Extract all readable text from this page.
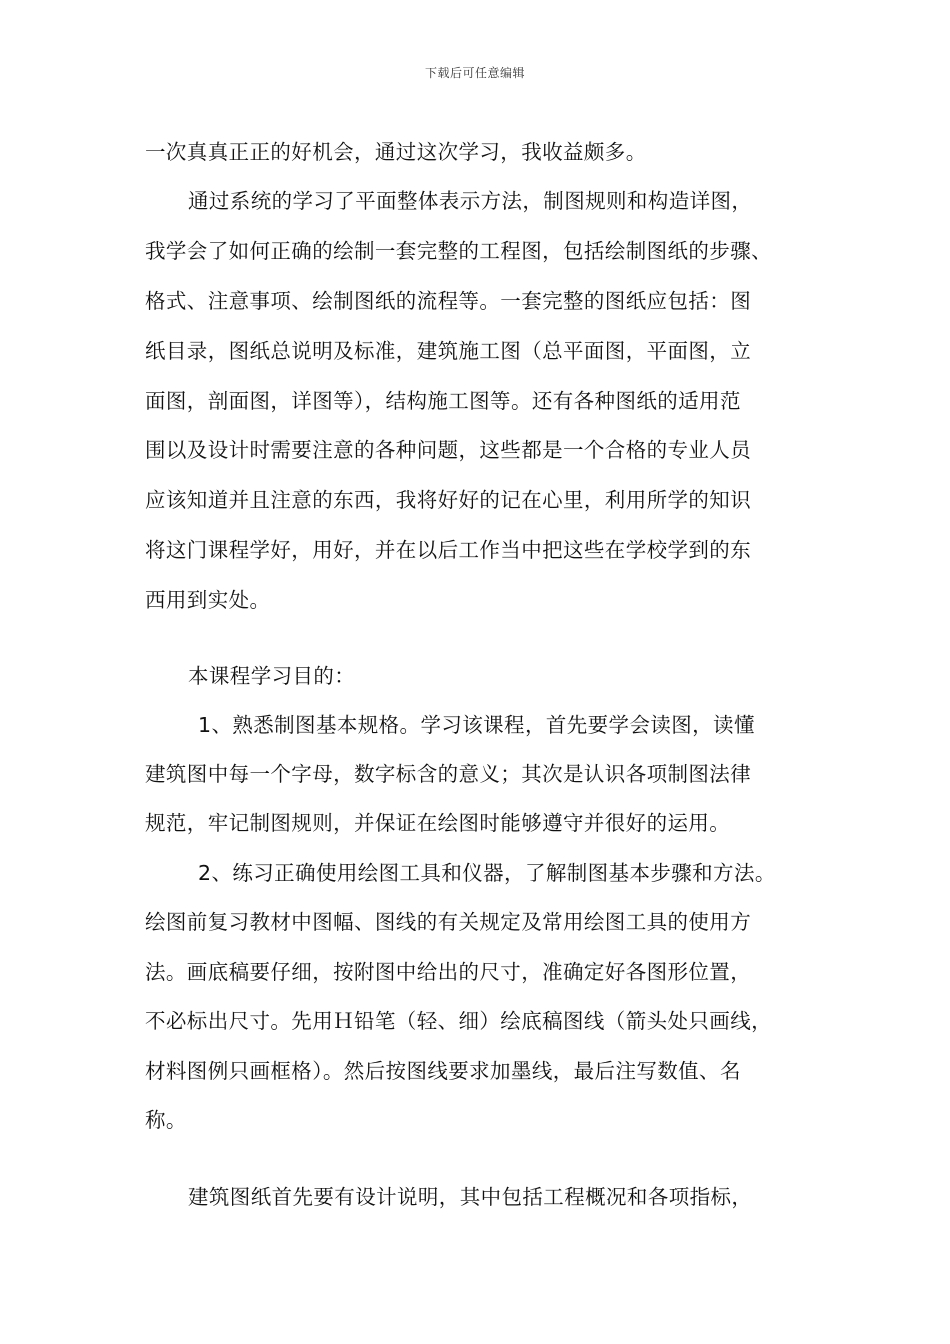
下载后可任意编辑
一次真真正正的好机会，通过这次学习，我收益颇多。
通过系统的学习了平面整体表示方法，制图规则和构造详图，
我学会了如何正确的绘制一套完整的工程图，包括绘制图纸的步骤、
格式、注意事项、绘制图纸的流程等。一套完整的图纸应包括：图
纸目录，图纸总说明及标准，建筑施工图（总平面图，平面图，立
面图，剖面图，详图等），结构施工图等。还有各种图纸的适用范
围以及设计时需要注意的各种问题，这些都是一个合格的专业人员
应该知道并且注意的东西，我将好好的记在心里，利用所学的知识
将这门课程学好，用好，并在以后工作当中把这些在学校学到的东
西用到实处。
本课程学习目的：
1、熟悉制图基本规格。学习该课程，首先要学会读图，读懂
建筑图中每一个字母，数字标含的意义；其次是认识各项制图法律
规范，牢记制图规则，并保证在绘图时能够遵守并很好的运用。
2、练习正确使用绘图工具和仪器，了解制图基本步骤和方法。
绘图前复习教材中图幅、图线的有关规定及常用绘图工具的使用方
法。画底稿要仔细，按附图中给出的尺寸，准确定好各图形位置，
不必标出尺寸。先用Ｈ铅笔（轻、细）绘底稿图线（箭头处只画线，
材料图例只画框格）。然后按图线要求加墨线，最后注写数值、名
称。
建筑图纸首先要有设计说明，其中包括工程概况和各项指标，
